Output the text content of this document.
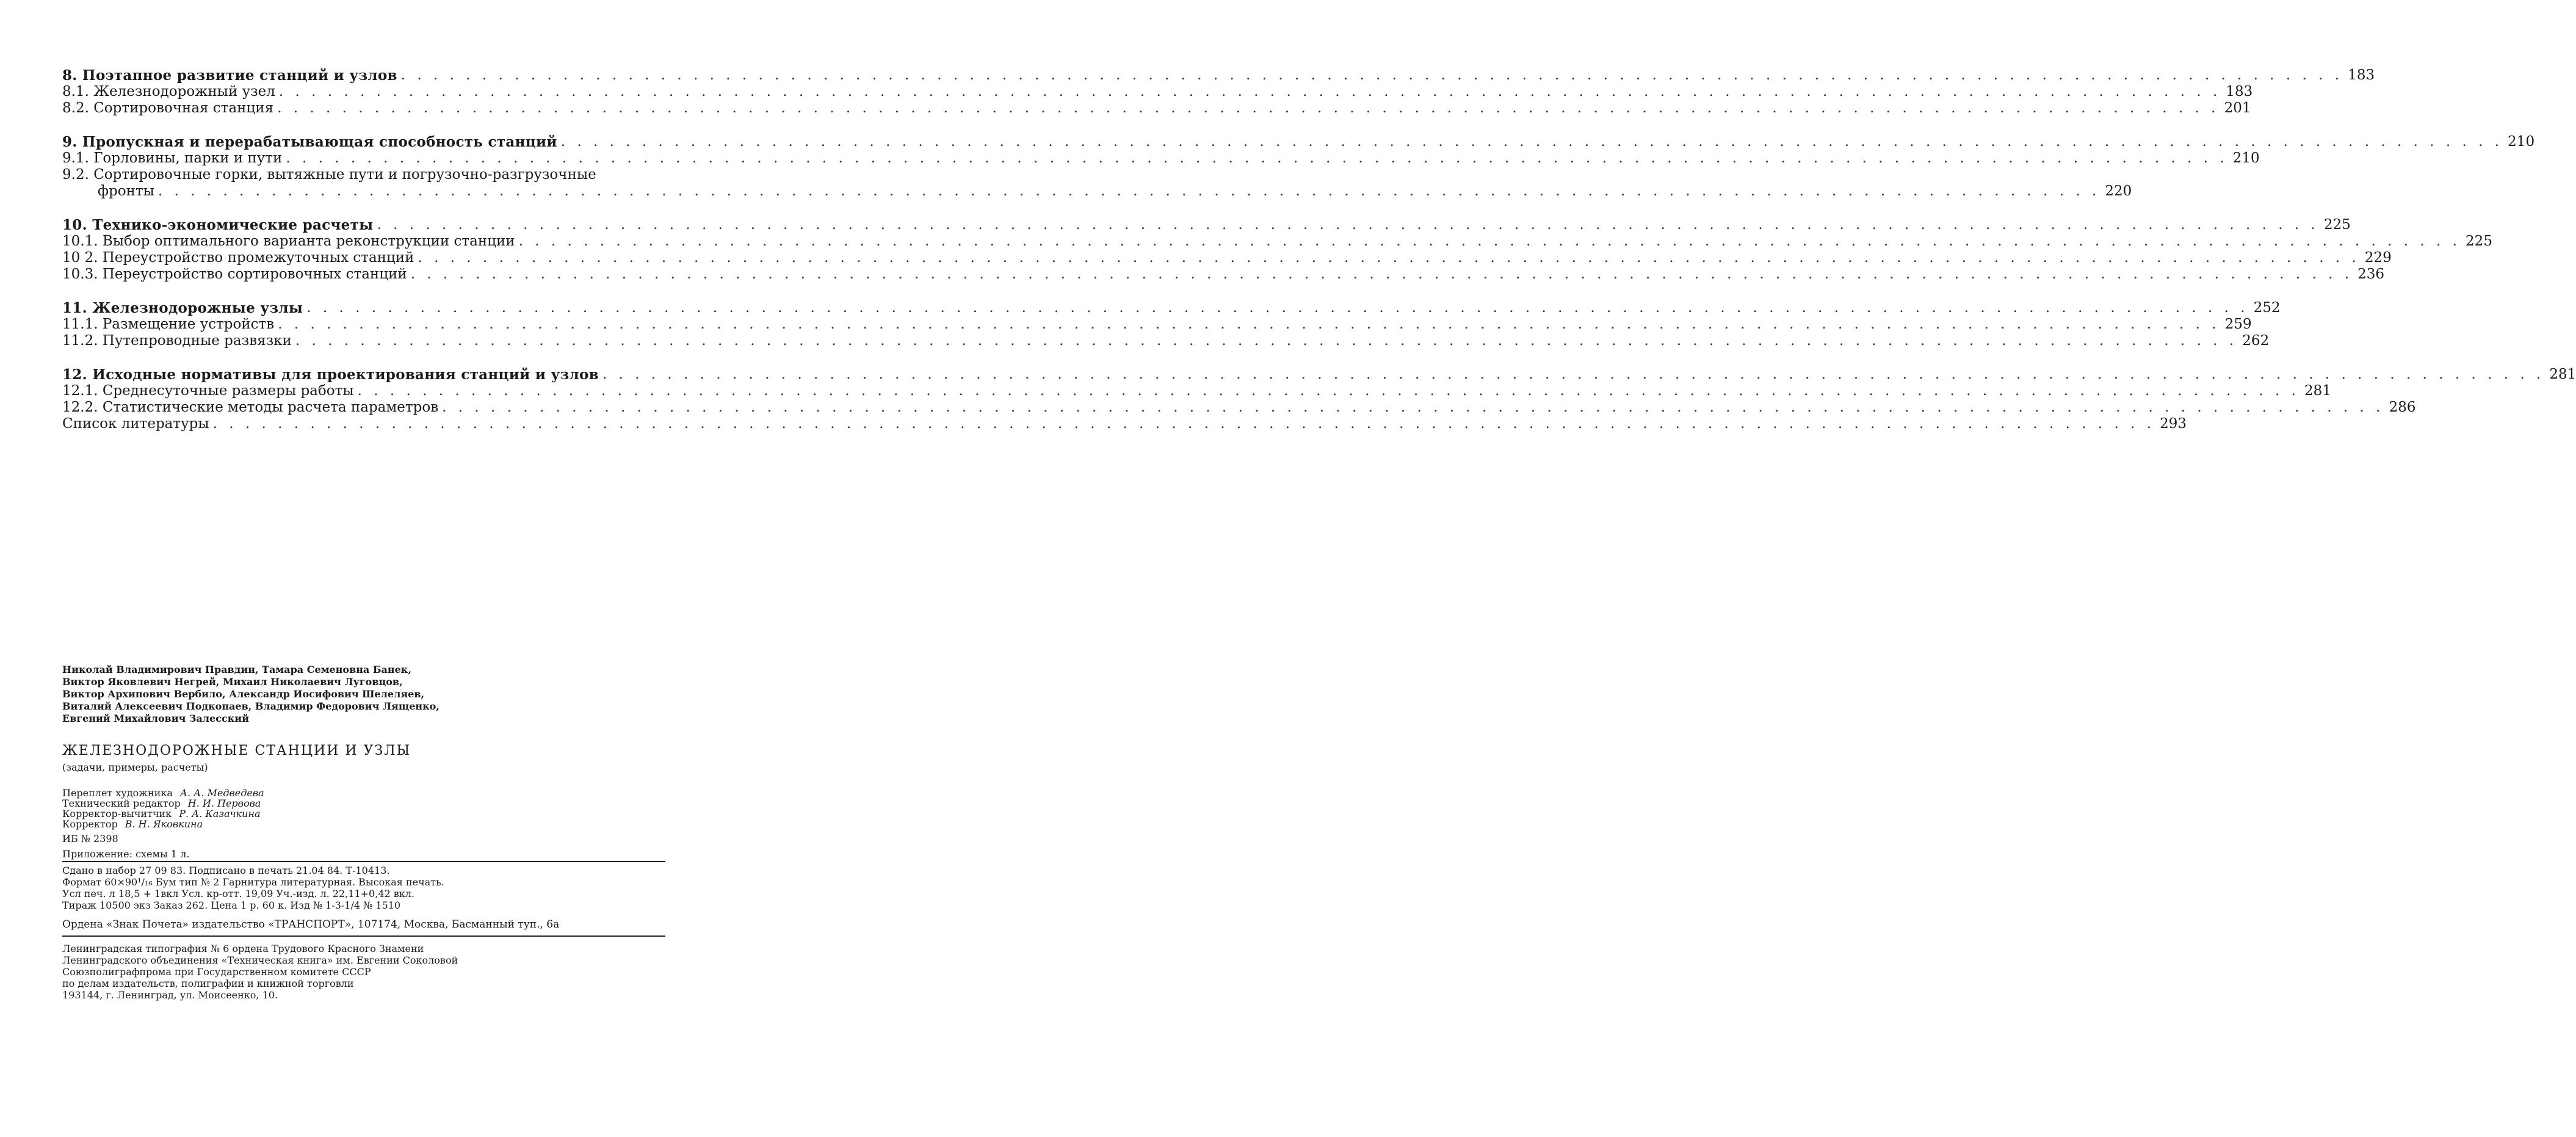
8. Поэтапное развитие станций и узлов . . . . . . . . . . . . . . . . . . . . . . . . . . . . . . . . . . . . . . . . . . . . . . . . . . . . . . . . . . . . . . . . . . . . . . . . . . . . . . . . . . . . . . . . . . . . . . . . . . . . . . . . . . . . . . . . . . . . . . . . 183
8.1. Железнодорожный узел . . . . . . . . . . . . . . . . . . . . . . . . . . . . . . . . . . . . . . . . . . . . . . . . . . . . . . . . . . . . . . . . . . . . . . . . . . . . . . . . . . . . . . . . . . . . . . . . . . . . . . . . . . . . . . . . . . . . . . . . 183
8.2. Сортировочная станция . . . . . . . . . . . . . . . . . . . . . . . . . . . . . . . . . . . . . . . . . . . . . . . . . . . . . . . . . . . . . . . . . . . . . . . . . . . . . . . . . . . . . . . . . . . . . . . . . . . . . . . . . . . . . . . . . . . . . . . . 201
9. Пропускная и перерабатывающая способность станций . . . . . . . . . . . . . . . . . . . . . . . . . . . . . . . . . . . . . . . . . . . . . . . . . . . . . . . . . . . . . . . . . . . . . . . . . . . . . . . . . . . . . . . . . . . . . . . . . . . . . . . . . . . . . . . . . . . . . . . . 210
9.1. Горловины, парки и пути . . . . . . . . . . . . . . . . . . . . . . . . . . . . . . . . . . . . . . . . . . . . . . . . . . . . . . . . . . . . . . . . . . . . . . . . . . . . . . . . . . . . . . . . . . . . . . . . . . . . . . . . . . . . . . . . . . . . . . . . 210
9.2. Сортировочные горки, вытяжные пути и погрузочно-разгрузочные
фронты . . . . . . . . . . . . . . . . . . . . . . . . . . . . . . . . . . . . . . . . . . . . . . . . . . . . . . . . . . . . . . . . . . . . . . . . . . . . . . . . . . . . . . . . . . . . . . . . . . . . . . . . . . . . . . . . . . . . . . . . 220
10. Технико-экономические расчеты . . . . . . . . . . . . . . . . . . . . . . . . . . . . . . . . . . . . . . . . . . . . . . . . . . . . . . . . . . . . . . . . . . . . . . . . . . . . . . . . . . . . . . . . . . . . . . . . . . . . . . . . . . . . . . . . . . . . . . . . 225
10.1. Выбор оптимального варианта реконструкции станции . . . . . . . . . . . . . . . . . . . . . . . . . . . . . . . . . . . . . . . . . . . . . . . . . . . . . . . . . . . . . . . . . . . . . . . . . . . . . . . . . . . . . . . . . . . . . . . . . . . . . . . . . . . . . . . . . . . . . . . . 225
10 2. Переустройство промежуточных станций . . . . . . . . . . . . . . . . . . . . . . . . . . . . . . . . . . . . . . . . . . . . . . . . . . . . . . . . . . . . . . . . . . . . . . . . . . . . . . . . . . . . . . . . . . . . . . . . . . . . . . . . . . . . . . . . . . . . . . . . 229
10.3. Переустройство сортировочных станций . . . . . . . . . . . . . . . . . . . . . . . . . . . . . . . . . . . . . . . . . . . . . . . . . . . . . . . . . . . . . . . . . . . . . . . . . . . . . . . . . . . . . . . . . . . . . . . . . . . . . . . . . . . . . . . . . . . . . . . . 236
11. Железнодорожные узлы . . . . . . . . . . . . . . . . . . . . . . . . . . . . . . . . . . . . . . . . . . . . . . . . . . . . . . . . . . . . . . . . . . . . . . . . . . . . . . . . . . . . . . . . . . . . . . . . . . . . . . . . . . . . . . . . . . . . . . . . 252
11.1. Размещение устройств . . . . . . . . . . . . . . . . . . . . . . . . . . . . . . . . . . . . . . . . . . . . . . . . . . . . . . . . . . . . . . . . . . . . . . . . . . . . . . . . . . . . . . . . . . . . . . . . . . . . . . . . . . . . . . . . . . . . . . . . 259
11.2. Путепроводные развязки . . . . . . . . . . . . . . . . . . . . . . . . . . . . . . . . . . . . . . . . . . . . . . . . . . . . . . . . . . . . . . . . . . . . . . . . . . . . . . . . . . . . . . . . . . . . . . . . . . . . . . . . . . . . . . . . . . . . . . . . 262
12. Исходные нормативы для проектирования станций и узлов . . . . . . . . . . . . . . . . . . . . . . . . . . . . . . . . . . . . . . . . . . . . . . . . . . . . . . . . . . . . . . . . . . . . . . . . . . . . . . . . . . . . . . . . . . . . . . . . . . . . . . . . . . . . . . . . . . . . . . . . 281
12.1. Среднесуточные размеры работы . . . . . . . . . . . . . . . . . . . . . . . . . . . . . . . . . . . . . . . . . . . . . . . . . . . . . . . . . . . . . . . . . . . . . . . . . . . . . . . . . . . . . . . . . . . . . . . . . . . . . . . . . . . . . . . . . . . . . . . . 281
12.2. Статистические методы расчета параметров . . . . . . . . . . . . . . . . . . . . . . . . . . . . . . . . . . . . . . . . . . . . . . . . . . . . . . . . . . . . . . . . . . . . . . . . . . . . . . . . . . . . . . . . . . . . . . . . . . . . . . . . . . . . . . . . . . . . . . . . 286
Список литературы . . . . . . . . . . . . . . . . . . . . . . . . . . . . . . . . . . . . . . . . . . . . . . . . . . . . . . . . . . . . . . . . . . . . . . . . . . . . . . . . . . . . . . . . . . . . . . . . . . . . . . . . . . . . . . . . . . . . . . . . 293
Николай Владимирович Правдин, Тамара Семеновна Банек,
Виктор Яковлевич Негрей, Михаил Николаевич Луговцов,
Виктор Архипович Вербило, Александр Иосифович Шелеляев,
Виталий Алексеевич Подкопаев, Владимир Федорович Лященко,
Евгений Михайлович Залесский
ЖЕЛЕЗНОДОРОЖНЫЕ СТАНЦИИ И УЗЛЫ
(задачи, примеры, расчеты)
Переплет художника А. А. Медведева
Технический редактор Н. И. Первова
Корректор-вычитчик Р. А. Казачкина
Корректор В. Н. Яковкина
ИБ № 2398
Приложение: схемы 1 л.
Сдано в набор 27 09 83. Подписано в печать 21.04 84. Т-10413.
Формат 60×90¹/₁₆ Бум тип № 2 Гарнитура литературная. Высокая печать.
Усл печ. л 18,5 + 1вкл Усл. кр-отт. 19,09 Уч.-изд. л. 22,11+0,42 вкл.
Тираж 10500 экз Заказ 262. Цена 1 р. 60 к. Изд № 1-3-1/4 № 1510
Ордена «Знак Почета» издательство «ТРАНСПОРТ», 107174, Москва, Басманный туп., 6а
Ленинградская типография № 6 ордена Трудового Красного Знамени
Ленинградского объединения «Техническая книга» им. Евгении Соколовой
Союзполиграфпрома при Государственном комитете СССР
по делам издательств, полиграфии и книжной торговли
193144, г. Ленинград, ул. Моисеенко, 10.
